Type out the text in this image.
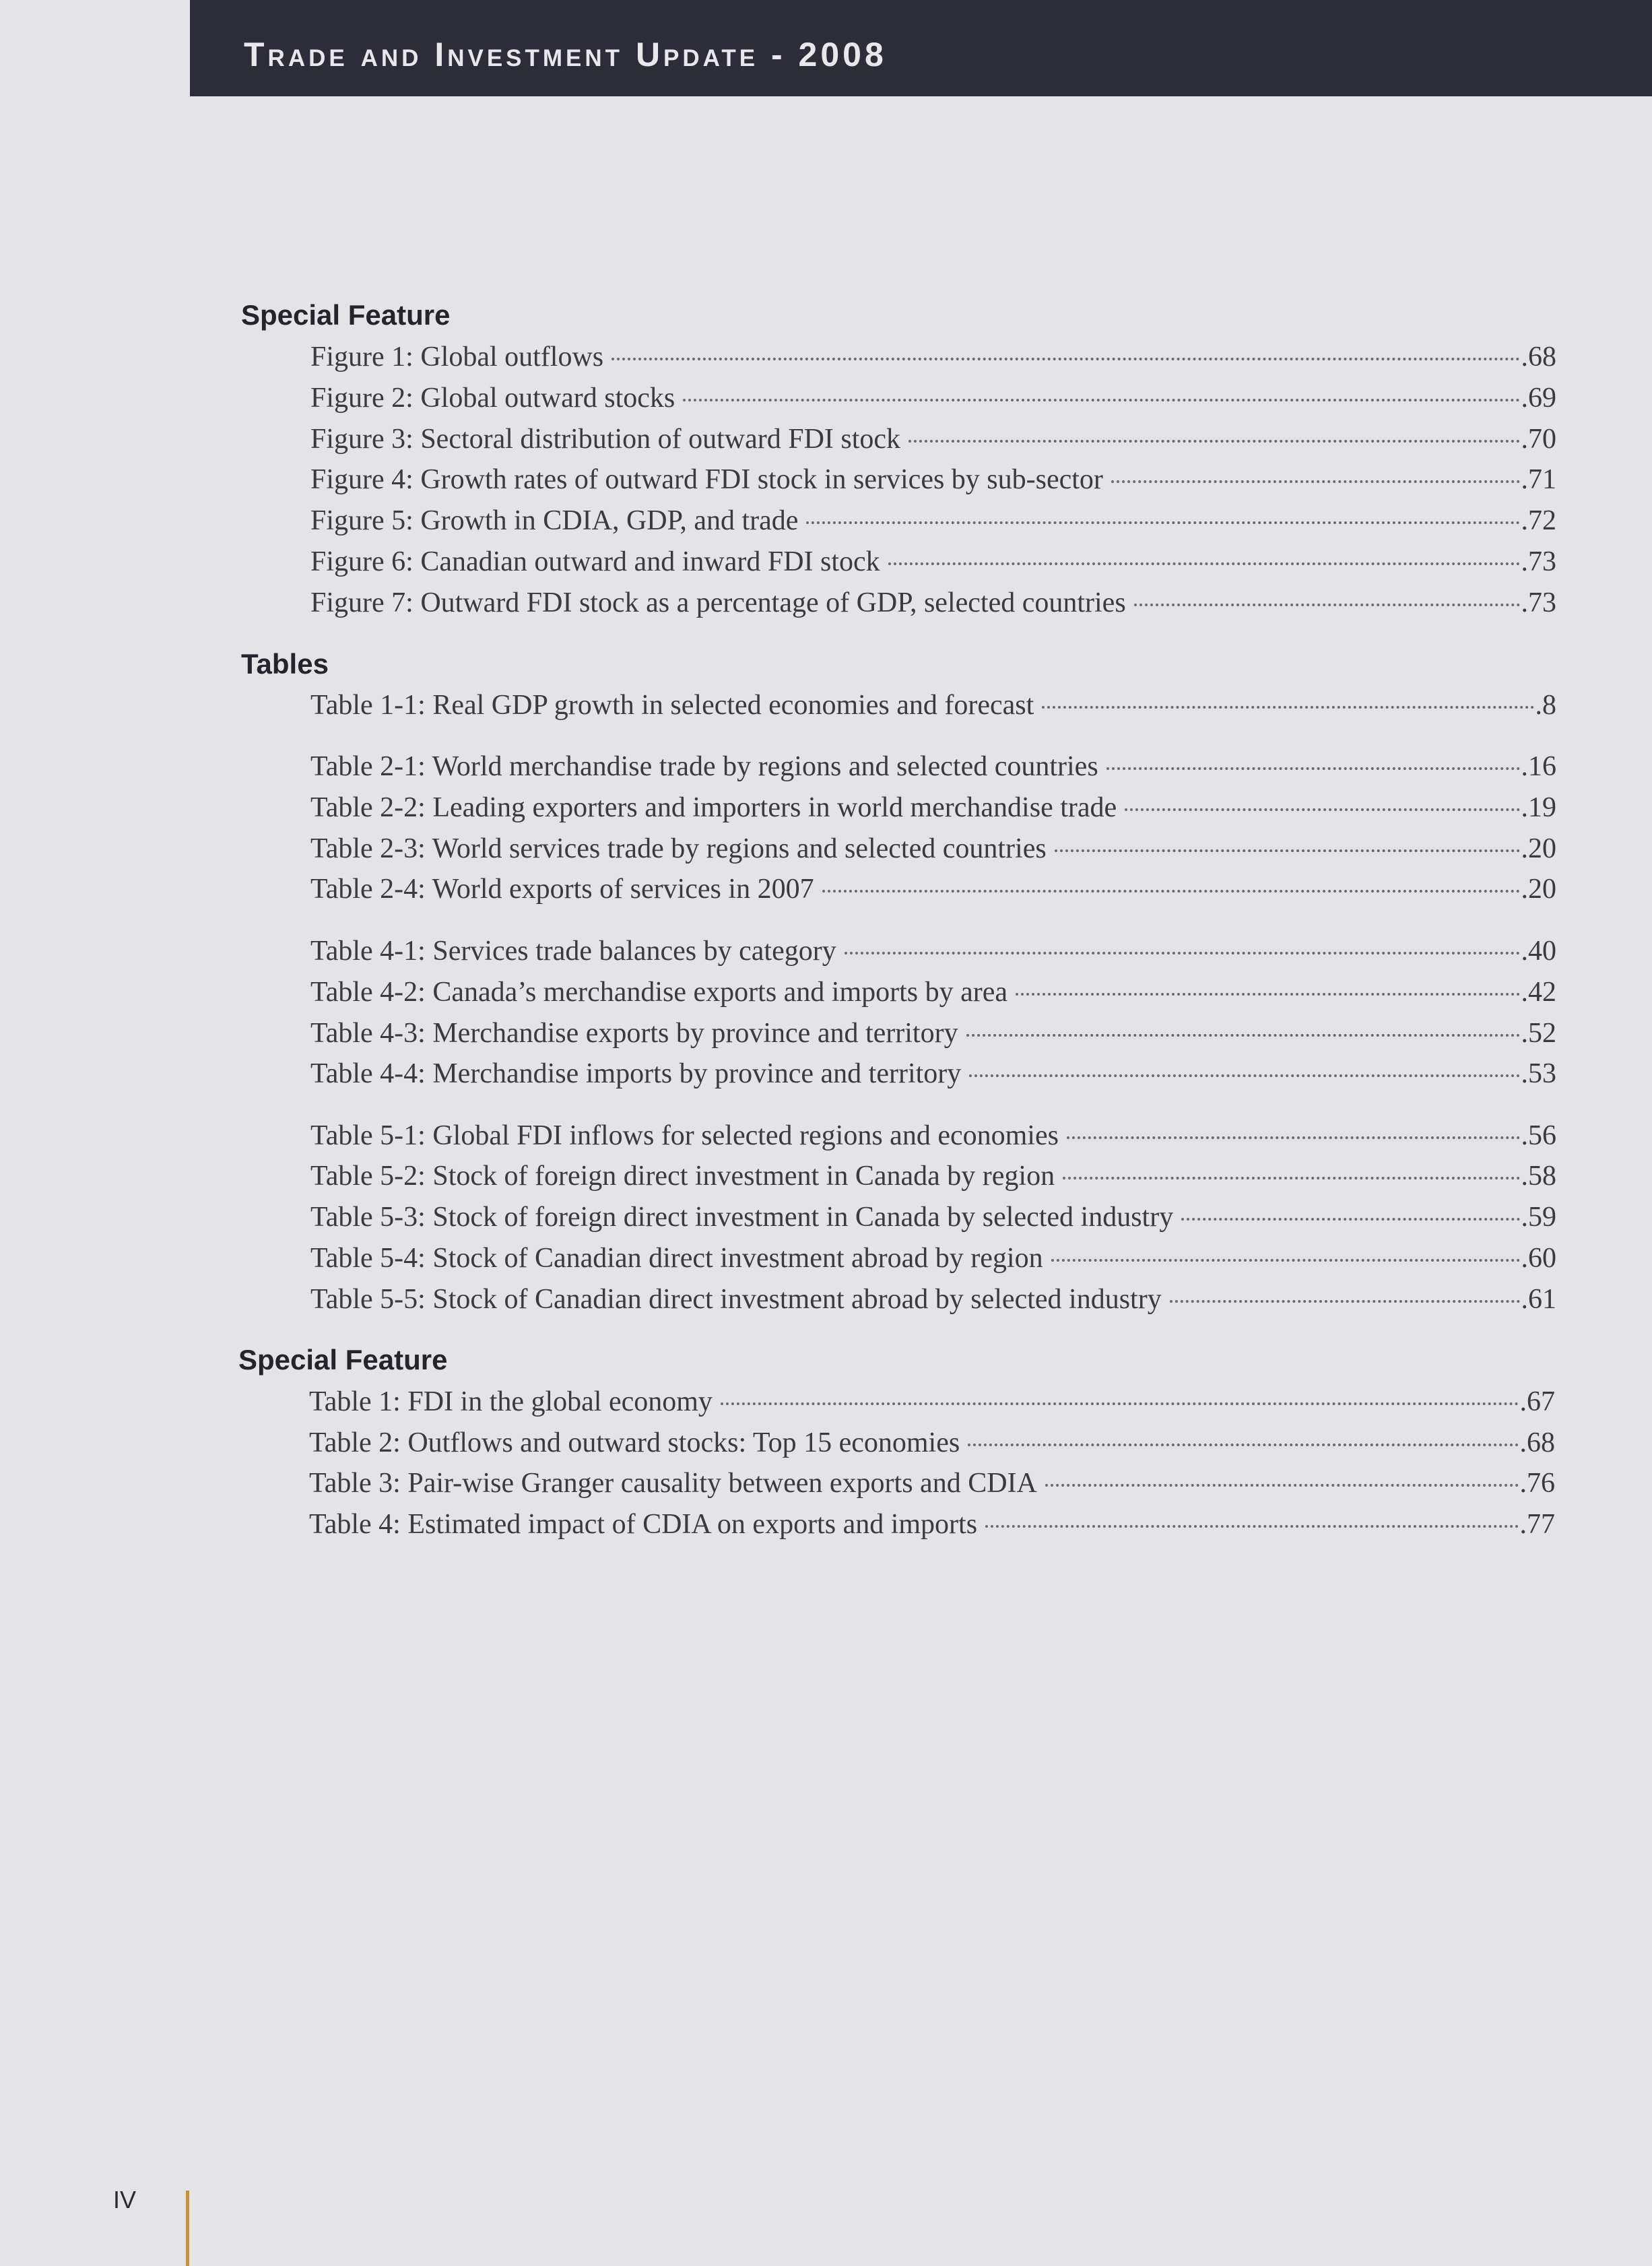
Trade and Investment Update - 2008
Special Feature
Figure 1: Global outflows	.68
Figure 2: Global outward stocks	.69
Figure 3: Sectoral distribution of outward FDI stock	.70
Figure 4: Growth rates of outward FDI stock in services by sub-sector	.71
Figure 5: Growth in CDIA, GDP, and trade	.72
Figure 6: Canadian outward and inward FDI stock	.73
Figure 7: Outward FDI stock as a percentage of GDP, selected countries	.73
Tables
Table 1-1: Real GDP growth in selected economies and forecast	.8
Table 2-1: World merchandise trade by regions and selected countries	.16
Table 2-2: Leading exporters and importers in world merchandise trade	.19
Table 2-3: World services trade by regions and selected countries	.20
Table 2-4: World exports of services in 2007	.20
Table 4-1: Services trade balances by category	.40
Table 4-2: Canada’s merchandise exports and imports by area	.42
Table 4-3: Merchandise exports by province and territory	.52
Table 4-4: Merchandise imports by province and territory	.53
Table 5-1: Global FDI inflows for selected regions and economies	.56
Table 5-2: Stock of foreign direct investment in Canada by region	.58
Table 5-3: Stock of foreign direct investment in Canada by selected industry	.59
Table 5-4: Stock of Canadian direct investment abroad by region	.60
Table 5-5: Stock of Canadian direct investment abroad by selected industry	.61
Special Feature
Table 1: FDI in the global economy	.67
Table 2: Outflows and outward stocks: Top 15 economies	.68
Table 3: Pair-wise Granger causality between exports and CDIA	.76
Table 4: Estimated impact of CDIA on exports and imports	.77
IV
